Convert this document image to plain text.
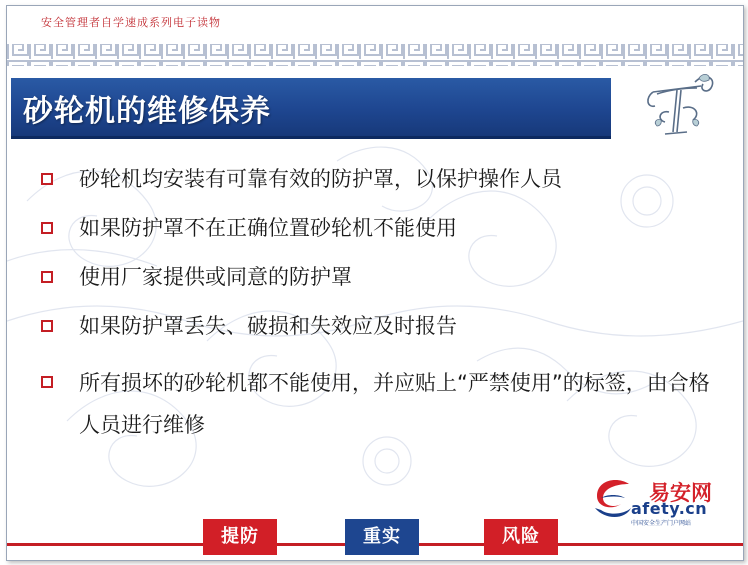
安全管理者自学速成系列电子读物
砂轮机的维修保养
砂轮机均安装有可靠有效的防护罩，以保护操作人员
如果防护罩不在正确位置砂轮机不能使用
使用厂家提供或同意的防护罩
如果防护罩丢失、破损和失效应及时报告
所有损坏的砂轮机都不能使用，并应贴上“严禁使用”的标签，由合格人员进行维修
易安网
afety.cn
中国安全生产门户网站
提防	重实	风险
